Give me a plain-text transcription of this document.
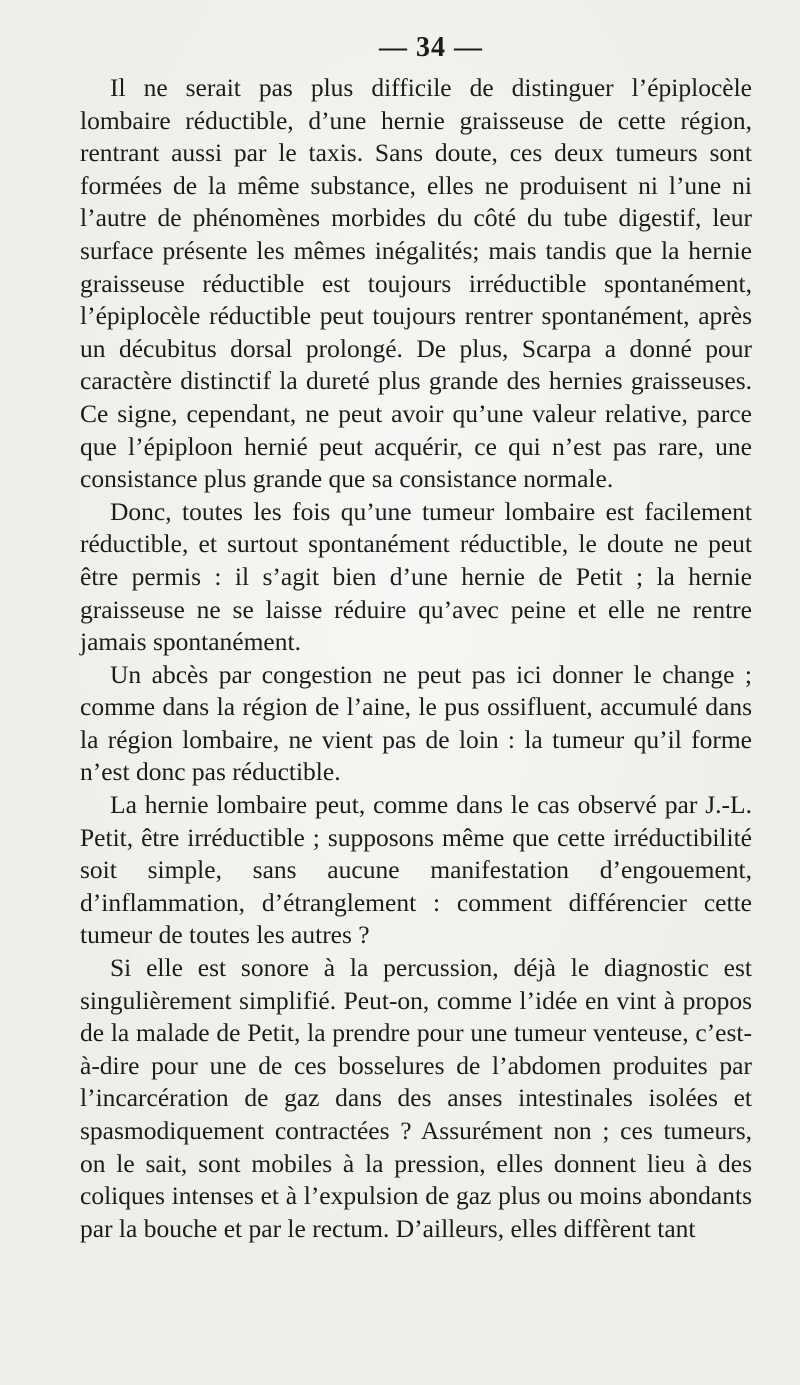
— 34 —

Il ne serait pas plus difficile de distinguer l’épiplocèle lombaire réductible, d’une hernie graisseuse de cette région, rentrant aussi par le taxis. Sans doute, ces deux tumeurs sont formées de la même substance, elles ne produisent ni l’une ni l’autre de phénomènes morbides du côté du tube digestif, leur surface présente les mêmes inégalités; mais tandis que la hernie graisseuse réductible est toujours irréductible spontanément, l’épiplocèle réductible peut toujours rentrer spontanément, après un décubitus dorsal prolongé. De plus, Scarpa a donné pour caractère distinctif la dureté plus grande des hernies graisseuses. Ce signe, cependant, ne peut avoir qu’une valeur relative, parce que l’épiploon hernié peut acquérir, ce qui n’est pas rare, une consistance plus grande que sa consistance normale.

Donc, toutes les fois qu’une tumeur lombaire est facilement réductible, et surtout spontanément réductible, le doute ne peut être permis : il s’agit bien d’une hernie de Petit ; la hernie graisseuse ne se laisse réduire qu’avec peine et elle ne rentre jamais spontanément.

Un abcès par congestion ne peut pas ici donner le change ; comme dans la région de l’aine, le pus ossifluent, accumulé dans la région lombaire, ne vient pas de loin : la tumeur qu’il forme n’est donc pas réductible.

La hernie lombaire peut, comme dans le cas observé par J.-L. Petit, être irréductible ; supposons même que cette irréductibilité soit simple, sans aucune manifestation d’engouement, d’inflammation, d’étranglement : comment différencier cette tumeur de toutes les autres ?

Si elle est sonore à la percussion, déjà le diagnostic est singulièrement simplifié. Peut-on, comme l’idée en vint à propos de la malade de Petit, la prendre pour une tumeur venteuse, c’est-à-dire pour une de ces bosselures de l’abdomen produites par l’incarcération de gaz dans des anses intestinales isolées et spasmodiquement contractées ? Assurément non ; ces tumeurs, on le sait, sont mobiles à la pression, elles donnent lieu à des coliques intenses et à l’expulsion de gaz plus ou moins abondants par la bouche et par le rectum. D’ailleurs, elles diffèrent tant
